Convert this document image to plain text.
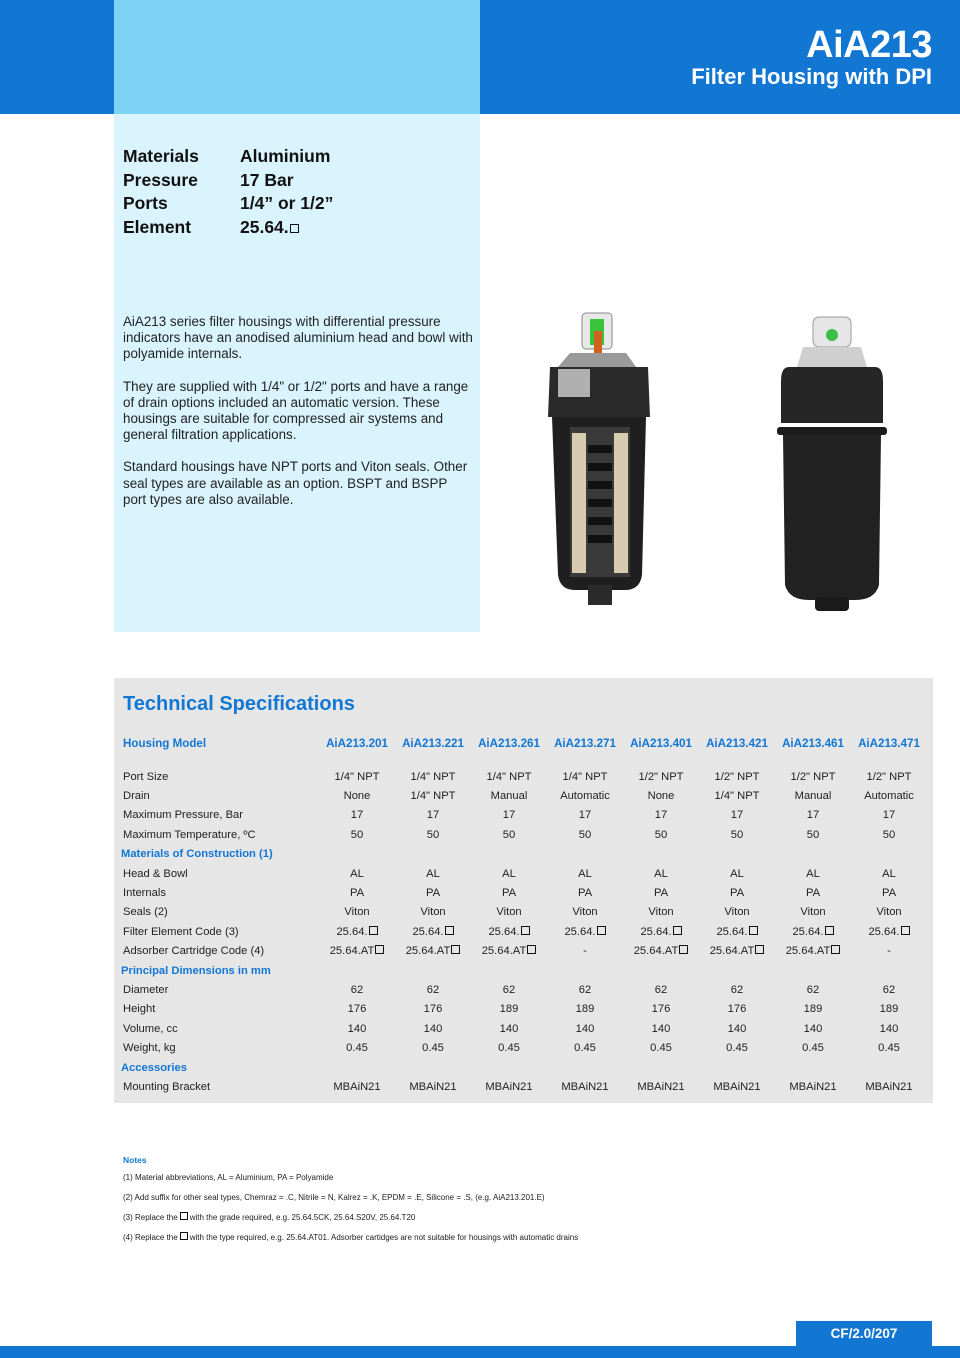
AiA213
Filter Housing with DPI
Materials	Aluminium
Pressure	17 Bar
Ports	1/4” or 1/2”
Element	25.64.

AiA213 series filter housings with differential pressure indicators have an anodised aluminium head and bowl with polyamide internals.

They are supplied with 1/4" or 1/2" ports and have a range of drain options included an automatic version. These housings are suitable for compressed air systems and general filtration applications.

Standard housings have NPT ports and Viton seals. Other seal types are available as an option. BSPT and BSPP port types are also available.

Technical Specifications
Housing Model	AiA213.201	AiA213.221	AiA213.261	AiA213.271	AiA213.401	AiA213.421	AiA213.461	AiA213.471

Port Size	1/4" NPT	1/4" NPT	1/4" NPT	1/4" NPT	1/2" NPT	1/2" NPT	1/2" NPT	1/2" NPT
Drain	None	1/4" NPT	Manual	Automatic	None	1/4" NPT	Manual	Automatic
Maximum Pressure, Bar	17	17	17	17	17	17	17	17
Maximum Temperature, ºC	50	50	50	50	50	50	50	50
Materials of Construction (1)								
Head & Bowl	AL	AL	AL	AL	AL	AL	AL	AL
Internals	PA	PA	PA	PA	PA	PA	PA	PA
Seals (2)	Viton	Viton	Viton	Viton	Viton	Viton	Viton	Viton
Filter Element Code (3)	25.64.	25.64.	25.64.	25.64.	25.64.	25.64.	25.64.	25.64.
Adsorber Cartridge Code (4)	25.64.AT	25.64.AT	25.64.AT	-	25.64.AT	25.64.AT	25.64.AT	-
Principal Dimensions in mm								
Diameter	62	62	62	62	62	62	62	62
Height	176	176	189	189	176	176	189	189
Volume, cc	140	140	140	140	140	140	140	140
Weight, kg	0.45	0.45	0.45	0.45	0.45	0.45	0.45	0.45
Accessories								
Mounting Bracket	MBAiN21	MBAiN21	MBAiN21	MBAiN21	MBAiN21	MBAiN21	MBAiN21	MBAiN21
Notes
(1) Material abbreviations, AL = Aluminium, PA = Polyamide
(2) Add suffix for other seal types, Chemraz = .C, Nitrile = N, Kalrez = .K, EPDM = .E, Silicone = .S, (e.g. AiA213.201.E)
(3) Replace the with the grade required, e.g. 25.64.5CK, 25.64.S20V, 25.64.T20
(4) Replace the with the type required, e.g. 25.64.AT01. Adsorber cartidges are not suitable for housings with automatic drains
CF/2.0/207
